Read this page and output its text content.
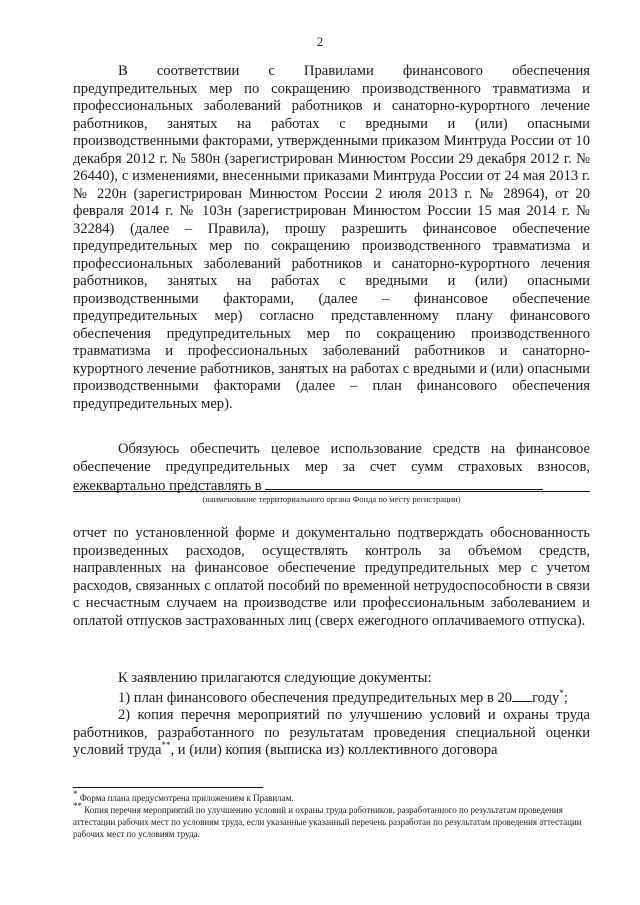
2

В соответствии с Правилами финансового обеспечения предупредительных мер по сокращению производственного травматизма и профессиональных заболеваний работников и санаторно-курортного лечение работников, занятых на работах с вредными и (или) опасными производственными факторами, утвержденными приказом Минтруда России от 10 декабря 2012 г. № 580н (зарегистрирован Минюстом России 29 декабря 2012 г. № 26440), с изменениями, внесенными приказами Минтруда России от 24 мая 2013 г. № 220н (зарегистрирован Минюстом России 2 июля 2013 г. № 28964), от 20 февраля 2014 г. № 103н (зарегистрирован Минюстом России 15 мая 2014 г. № 32284) (далее – Правила), прошу разрешить финансовое обеспечение предупредительных мер по сокращению производственного травматизма и профессиональных заболеваний работников и санаторно-курортного лечения работников, занятых на работах с вредными и (или) опасными производственными факторами, (далее – финансовое обеспечение предупредительных мер) согласно представленному плану финансового обеспечения предупредительных мер по сокращению производственного травматизма и профессиональных заболеваний работников и санаторно-курортного лечение работников, занятых на работах с вредными и (или) опасными производственными факторами (далее – план финансового обеспечения предупредительных мер).

Обязуюсь обеспечить целевое использование средств на финансовое обеспечение предупредительных мер за счет сумм страховых взносов, ежеквартально представлять в

(наименование территориального органа Фонда по месту регистрации)

отчет по установленной форме и документально подтверждать обоснованность произведенных расходов, осуществлять контроль за объемом средств, направленных на финансовое обеспечение предупредительных мер с учетом расходов, связанных с оплатой пособий по временной нетрудоспособности в связи с несчастным случаем на производстве или профессиональным заболеванием и оплатой отпусков застрахованных лиц (сверх ежегодного оплачиваемого отпуска).

К заявлению прилагаются следующие документы:
1) план финансового обеспечения предупредительных мер в 20 году*;
2) копия перечня мероприятий по улучшению условий и охраны труда работников, разработанного по результатам проведения специальной оценки условий труда**, и (или) копия (выписка из) коллективного договора
* Форма плана предусмотрена приложением к Правилам.
** Копия перечня мероприятий по улучшению условий и охраны труда работников, разработанного по результатам проведения аттестации рабочих мест по условиям труда, если указанные указанный перечень разработан по результатам проведения аттестации рабочих мест по условиям труда.
